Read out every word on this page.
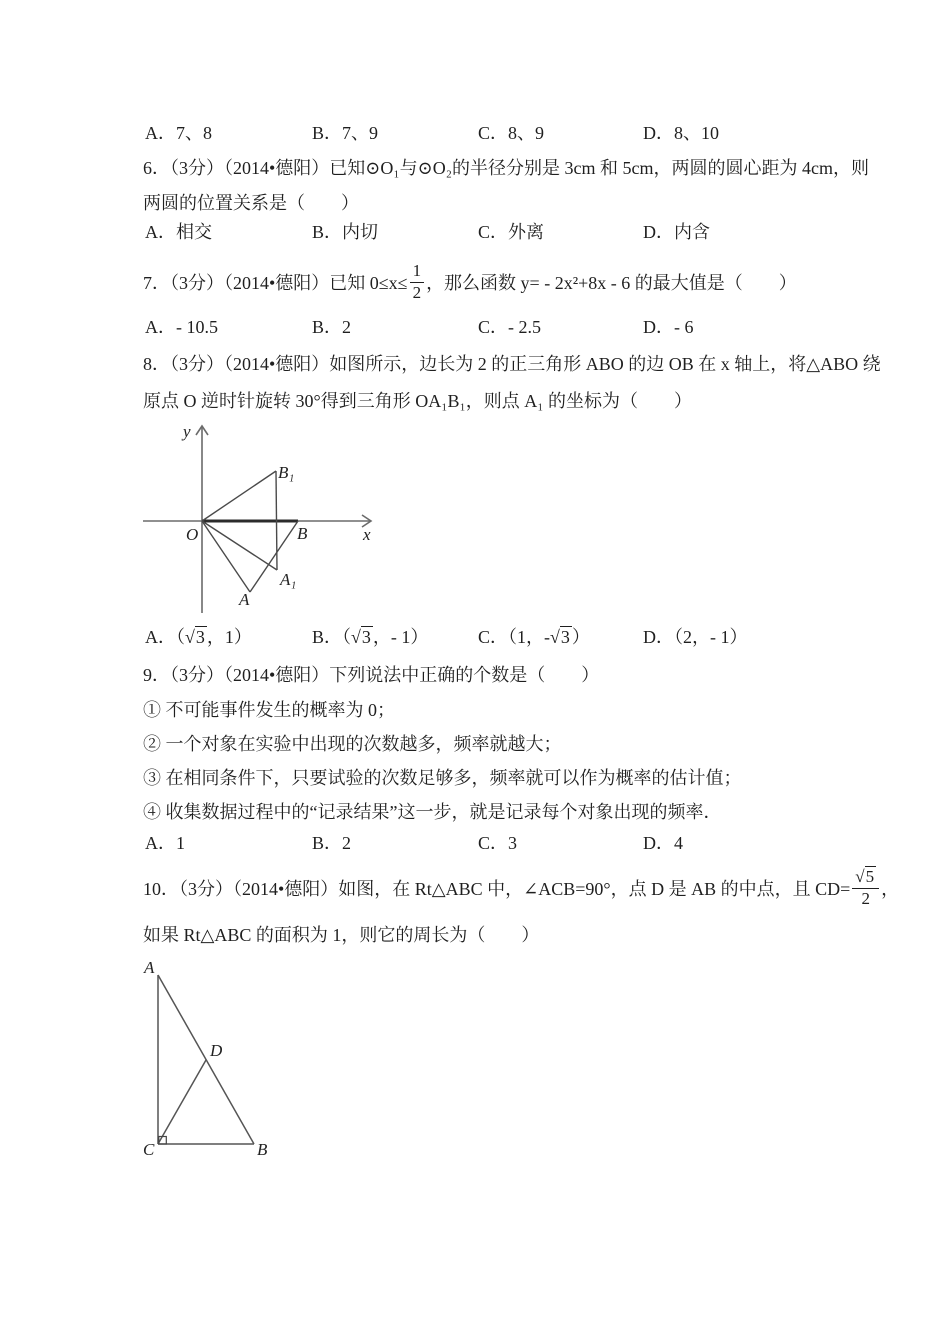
A．7、8	B．7、9	C．8、9	D．8、10
6．（3分）（2014•德阳）已知⊙O₁与⊙O₂的半径分别是 3cm 和 5cm，两圆的圆心距为 4cm，则
两圆的位置关系是（　　）
A．相交	B．内切	C．外离	D．内含
7．（3分）（2014•德阳）已知 $0\le x\le \frac{1}{2}$ ，那么函数 y= - 2x²+8x - 6 的最大值是（　　）
A．- 10.5	B．2	C．- 2.5	D．- 6
8．（3分）（2014•德阳）如图所示，边长为 2 的正三角形 ABO 的边 OB 在 x 轴上，将△ABO 绕
原点 O 逆时针旋转 30°得到三角形 OA₁B₁，则点 A₁ 的坐标为（　　）
y
x
O
B₁
B
A₁
A
A．（√3 ，1）	B．（√3 ，- 1）	C．（1，-√3 ）	D．（2，- 1）
9．（3分）（2014•德阳）下列说法中正确的个数是（　　）
① 不可能事件发生的概率为 0；
② 一个对象在实验中出现的次数越多，频率就越大；
③ 在相同条件下，只要试验的次数足够多，频率就可以作为概率的估计值；
④ 收集数据过程中的“记录结果”这一步，就是记录每个对象出现的频率．
A．1	B．2	C．3	D．4
10．（3分）（2014•德阳）如图，在 Rt△ABC 中，∠ACB=90°，点 D 是 AB 的中点，且 $CD= \frac{√5}{2}$ ，
如果 Rt△ABC 的面积为 1，则它的周长为（　　）
A
C	B
D
